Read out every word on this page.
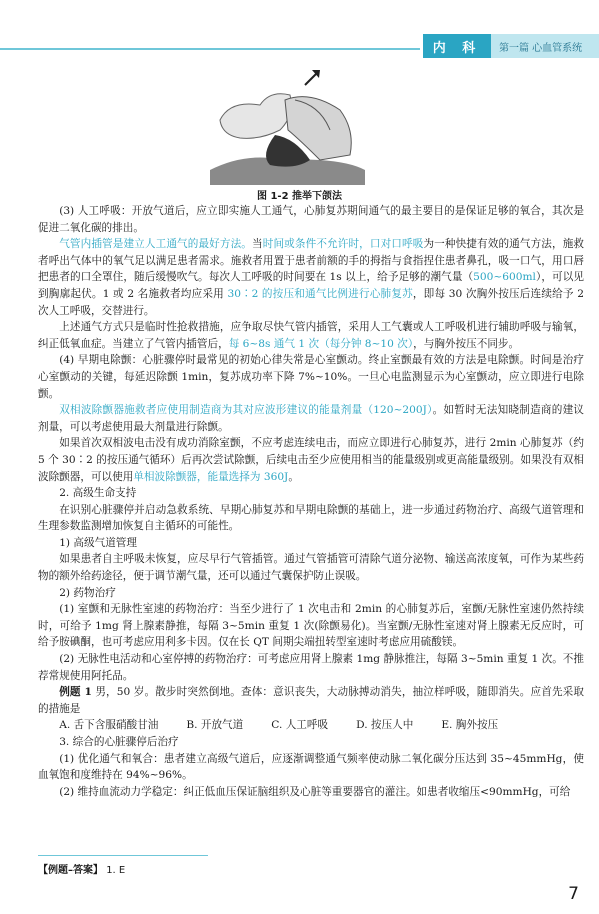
内 科	第一篇 心血管系统
图 1-2 推举下颌法

(3) 人工呼吸：开放气道后，应立即实施人工通气，心肺复苏期间通气的最主要目的是保证足够的氧合，其次是促进二氧化碳的排出。

气管内插管是建立人工通气的最好方法。当时间或条件不允许时，口对口呼吸为一种快捷有效的通气方法，施救者呼出气体中的氧气足以满足患者需求。施救者用置于患者前额的手的拇指与食指捏住患者鼻孔，吸一口气，用口唇把患者的口全罩住，随后缓慢吹气。每次人工呼吸的时间要在 1s 以上，给予足够的潮气量（500~600ml），可以见到胸廓起伏。1 或 2 名施救者均应采用 30∶2 的按压和通气比例进行心肺复苏，即每 30 次胸外按压后连续给予 2 次人工呼吸，交替进行。

上述通气方式只是临时性抢救措施，应争取尽快气管内插管，采用人工气囊或人工呼吸机进行辅助呼吸与输氧，纠正低氧血症。当建立了气管内插管后，每 6~8s 通气 1 次（每分钟 8~10 次），与胸外按压不同步。

(4) 早期电除颤：心脏骤停时最常见的初始心律失常是心室颤动。终止室颤最有效的方法是电除颤。时间是治疗心室颤动的关键，每延迟除颤 1min，复苏成功率下降 7%~10%。一旦心电监测显示为心室颤动，应立即进行电除颤。

双相波除颤器施救者应使用制造商为其对应波形建议的能量剂量（120~200J）。如暂时无法知晓制造商的建议剂量，可以考虑使用最大剂量进行除颤。

如果首次双相波电击没有成功消除室颤，不应考虑连续电击，而应立即进行心肺复苏，进行 2min 心肺复苏（约 5 个 30∶2 的按压通气循环）后再次尝试除颤，后续电击至少应使用相当的能量级别或更高能量级别。如果没有双相波除颤器，可以使用单相波除颤器，能量选择为 360J。

2. 高级生命支持

在识别心脏骤停并启动急救系统、早期心肺复苏和早期电除颤的基础上，进一步通过药物治疗、高级气道管理和生理参数监测增加恢复自主循环的可能性。

1) 高级气道管理

如果患者自主呼吸未恢复，应尽早行气管插管。通过气管插管可清除气道分泌物、输送高浓度氧，可作为某些药物的额外给药途径，便于调节潮气量，还可以通过气囊保护防止误吸。

2) 药物治疗

(1) 室颤和无脉性室速的药物治疗：当至少进行了 1 次电击和 2min 的心肺复苏后，室颤/无脉性室速仍然持续时，可给予 1mg 肾上腺素静推，每隔 3~5min 重复 1 次(除颤易化)。当室颤/无脉性室速对肾上腺素无反应时，可给予胺碘酮，也可考虑应用利多卡因。仅在长 QT 间期尖端扭转型室速时考虑应用硫酸镁。

(2) 无脉性电活动和心室停搏的药物治疗：可考虑应用肾上腺素 1mg 静脉推注，每隔 3~5min 重复 1 次。不推荐常规使用阿托品。

例题 1 男，50 岁。散步时突然倒地。查体：意识丧失，大动脉搏动消失，抽泣样呼吸，随即消失。应首先采取的措施是

A. 舌下含服硝酸甘油	B. 开放气道	C. 人工呼吸	D. 按压人中	E. 胸外按压

3. 综合的心脏骤停后治疗

(1) 优化通气和氧合：患者建立高级气道后，应逐渐调整通气频率使动脉二氧化碳分压达到 35~45mmHg，使血氧饱和度维持在 94%~96%。

(2) 维持血流动力学稳定：纠正低血压保证脑组织及心脏等重要器官的灌注。如患者收缩压<90mmHg，可给

【例题–答案】 1. E
7
